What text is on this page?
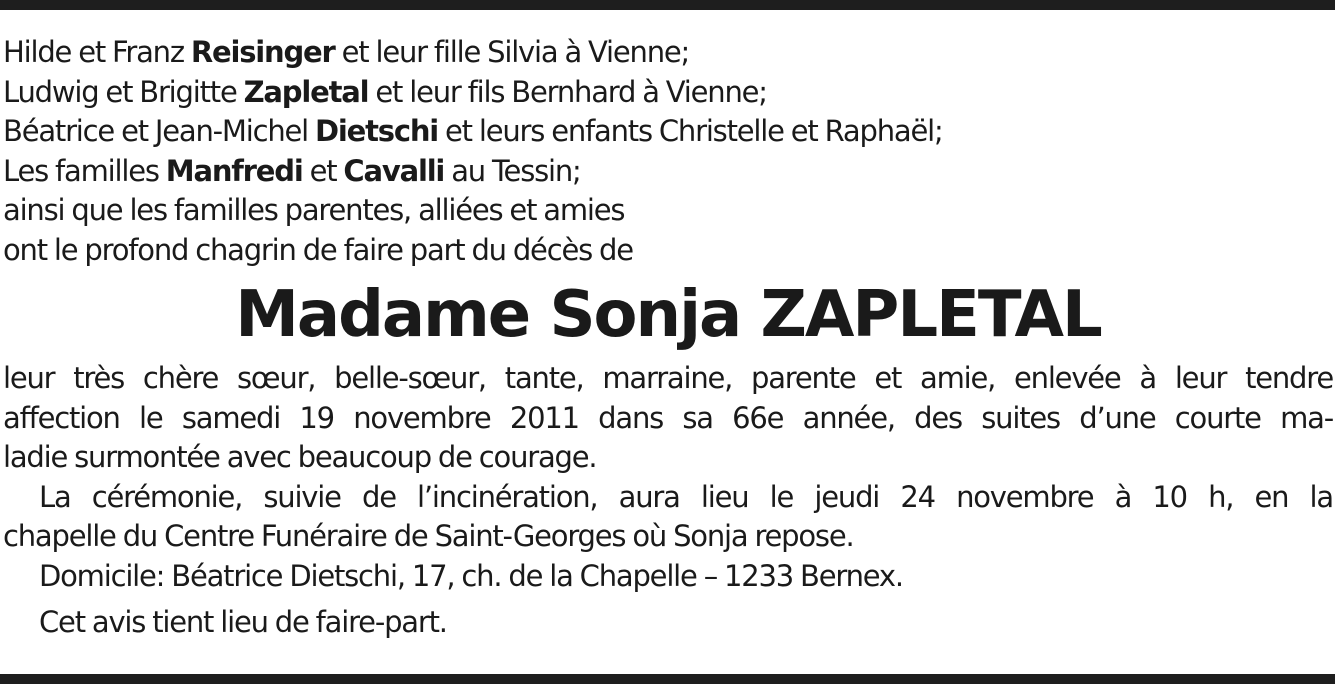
Hilde et Franz Reisinger et leur fille Silvia à Vienne;
Ludwig et Brigitte Zapletal et leur fils Bernhard à Vienne;
Béatrice et Jean-Michel Dietschi et leurs enfants Christelle et Raphaël;
Les familles Manfredi et Cavalli au Tessin;
ainsi que les familles parentes, alliées et amies
ont le profond chagrin de faire part du décès de
Madame Sonja ZAPLETAL
leur très chère sœur, belle-sœur, tante, marraine, parente et amie, enlevée à leur tendre
affection le samedi 19 novembre 2011 dans sa 66e année, des suites d’une courte ma-
ladie surmontée avec beaucoup de courage.
La cérémonie, suivie de l’incinération, aura lieu le jeudi 24 novembre à 10 h, en la
chapelle du Centre Funéraire de Saint-Georges où Sonja repose.
Domicile: Béatrice Dietschi, 17, ch. de la Chapelle – 1233 Bernex.
Cet avis tient lieu de faire-part.
